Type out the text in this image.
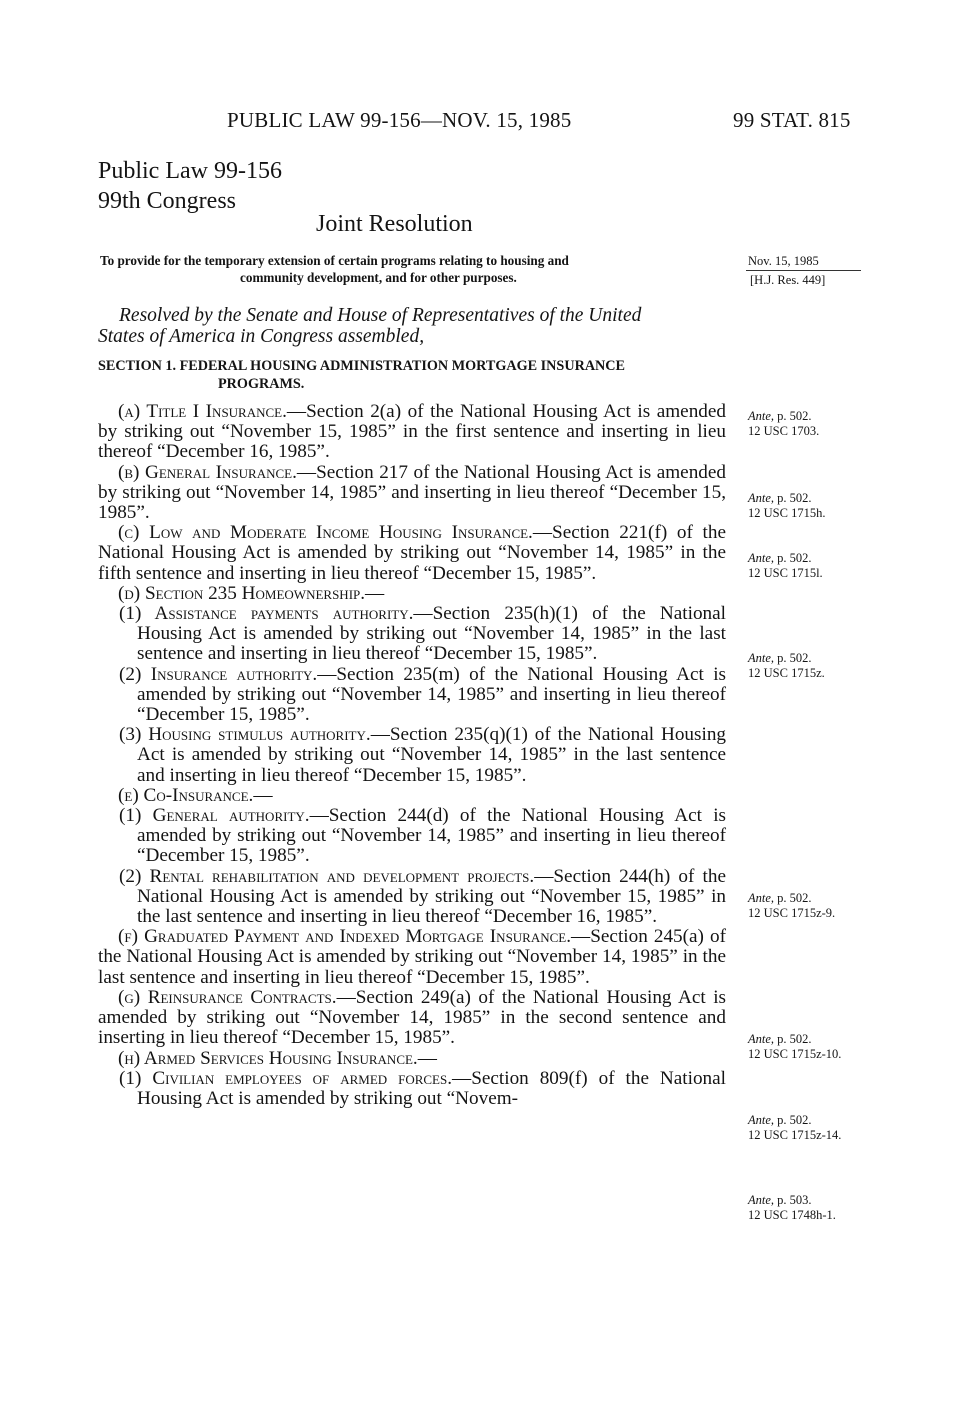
PUBLIC LAW 99-156—NOV. 15, 1985	99 STAT. 815
Public Law 99-156
99th Congress
Joint Resolution
To provide for the temporary extension of certain programs relating to housing and
community development, and for other purposes.
Nov. 15, 1985
[H.J. Res. 449]
Resolved by the Senate and House of Representatives of the United
States of America in Congress assembled,
SECTION 1. FEDERAL HOUSING ADMINISTRATION MORTGAGE INSURANCE
PROGRAMS.

(a) Title I Insurance.—Section 2(a) of the National Housing Act is amended by striking out “November 15, 1985” in the first sentence and inserting in lieu thereof “December 16, 1985”.

(b) General Insurance.—Section 217 of the National Housing Act is amended by striking out “November 14, 1985” and inserting in lieu thereof “December 15, 1985”.

(c) Low and Moderate Income Housing Insurance.—Section 221(f) of the National Housing Act is amended by striking out “November 14, 1985” in the fifth sentence and inserting in lieu thereof “December 15, 1985”.

(d) Section 235 Homeownership.—

(1) Assistance payments authority.—Section 235(h)(1) of the National Housing Act is amended by striking out “November 14, 1985” in the last sentence and inserting in lieu thereof “December 15, 1985”.

(2) Insurance authority.—Section 235(m) of the National Housing Act is amended by striking out “November 14, 1985” and inserting in lieu thereof “December 15, 1985”.

(3) Housing stimulus authority.—Section 235(q)(1) of the National Housing Act is amended by striking out “November 14, 1985” in the last sentence and inserting in lieu thereof “December 15, 1985”.

(e) Co-Insurance.—

(1) General authority.—Section 244(d) of the National Housing Act is amended by striking out “November 14, 1985” and inserting in lieu thereof “December 15, 1985”.

(2) Rental rehabilitation and development projects.—Section 244(h) of the National Housing Act is amended by striking out “November 15, 1985” in the last sentence and inserting in lieu thereof “December 16, 1985”.

(f) Graduated Payment and Indexed Mortgage Insurance.—Section 245(a) of the National Housing Act is amended by striking out “November 14, 1985” in the last sentence and inserting in lieu thereof “December 15, 1985”.

(g) Reinsurance Contracts.—Section 249(a) of the National Housing Act is amended by striking out “November 14, 1985” in the second sentence and inserting in lieu thereof “December 15, 1985”.

(h) Armed Services Housing Insurance.—

(1) Civilian employees of armed forces.—Section 809(f) of the National Housing Act is amended by striking out “Novem-

Ante, p. 502.
12 USC 1703.
Ante, p. 502.
12 USC 1715h.
Ante, p. 502.
12 USC 1715l.
Ante, p. 502.
12 USC 1715z.
Ante, p. 502.
12 USC 1715z-9.
Ante, p. 502.
12 USC 1715z-10.
Ante, p. 502.
12 USC 1715z-14.
Ante, p. 503.
12 USC 1748h-1.
